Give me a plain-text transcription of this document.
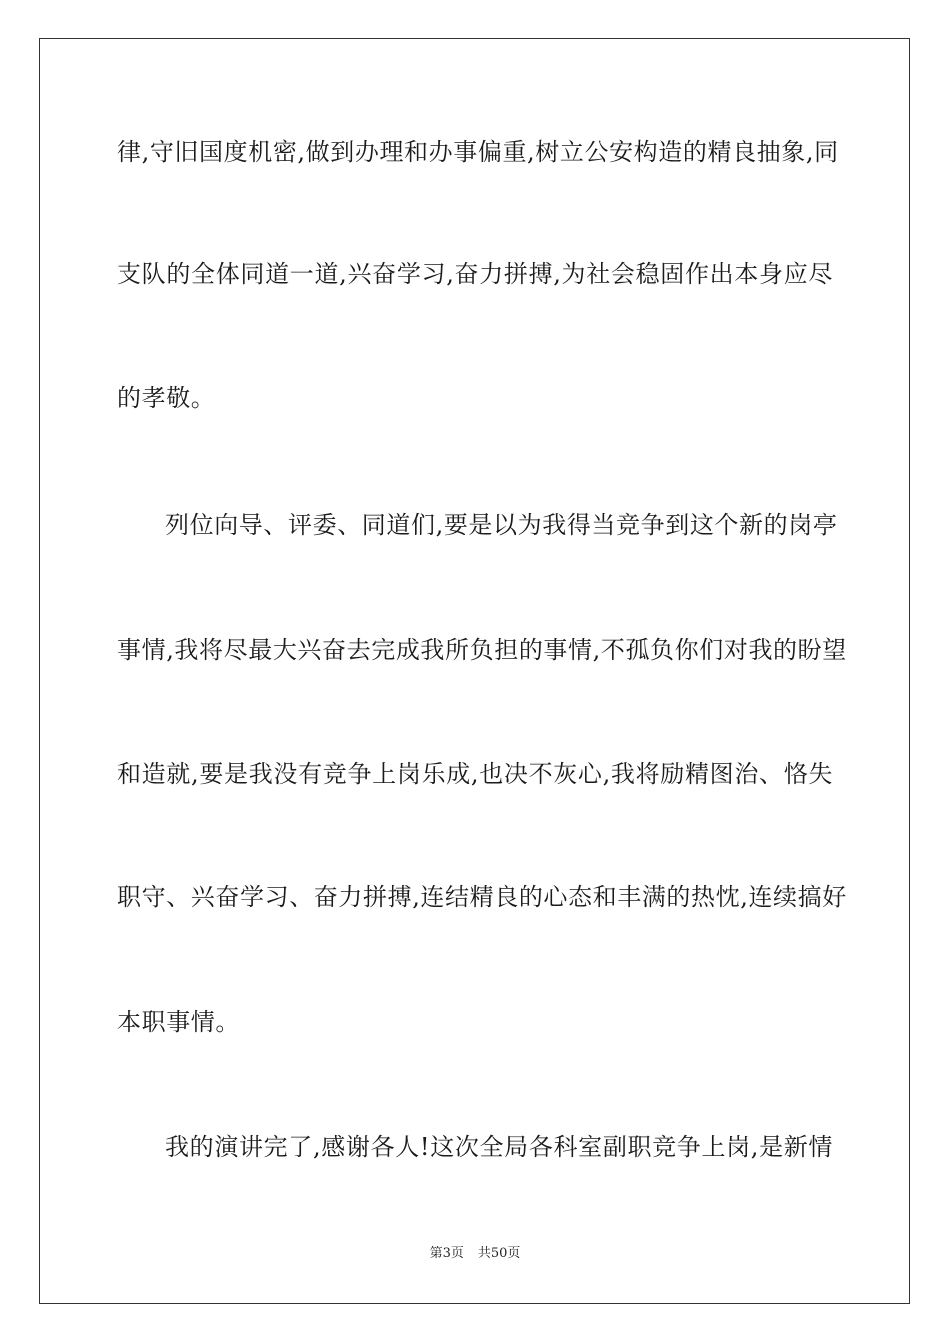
律,守旧国度机密,做到办理和办事偏重,树立公安构造的精良抽象,同
支队的全体同道一道,兴奋学习,奋力拼搏,为社会稳固作出本身应尽
的孝敬。
列位向导、评委、同道们,要是以为我得当竞争到这个新的岗亭
事情,我将尽最大兴奋去完成我所负担的事情,不孤负你们对我的盼望
和造就,要是我没有竞争上岗乐成,也决不灰心,我将励精图治、恪失
职守、兴奋学习、奋力拼搏,连结精良的心态和丰满的热忱,连续搞好
本职事情。
我的演讲完了,感谢各人!这次全局各科室副职竞争上岗,是新情
第3页 共50页
